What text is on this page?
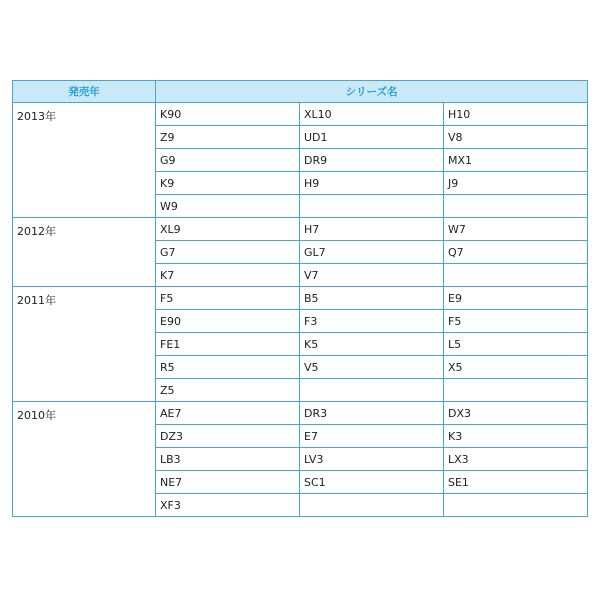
発売年	シリーズ名		
2013年	K90	XL10	H10
	Z9	UD1	V8
	G9	DR9	MX1
	K9	H9	J9
	W9		
2012年	XL9	H7	W7
	G7	GL7	Q7
	K7	V7	
2011年	F5	B5	E9
	E90	F3	F5
	FE1	K5	L5
	R5	V5	X5
	Z5		
2010年	AE7	DR3	DX3
	DZ3	E7	K3
	LB3	LV3	LX3
	NE7	SC1	SE1
	XF3		
